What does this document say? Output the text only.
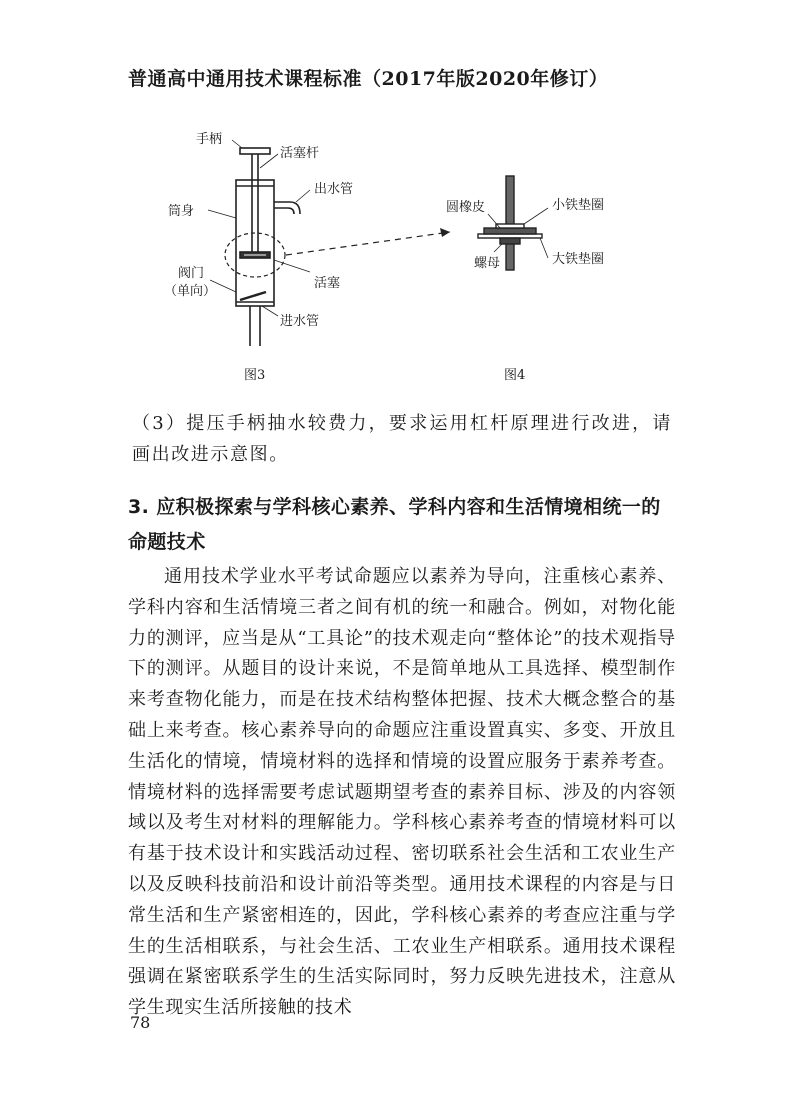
普通高中通用技术课程标准（2017年版2020年修订）
手柄
活塞杆
出水管
筒身
阀门
（单向）
活塞
进水管
圆橡皮	小铁垫圈
大铁垫圈
螺母
图3	图4

（3）提压手柄抽水较费力，要求运用杠杆原理进行改进，请画出改进示意图。

3. 应积极探索与学科核心素养、学科内容和生活情境相统一的命题技术
通用技术学业水平考试命题应以素养为导向，注重核心素养、学科内容和生活情境三者之间有机的统一和融合。例如，对物化能力的测评，应当是从“工具论”的技术观走向“整体论”的技术观指导下的测评。从题目的设计来说，不是简单地从工具选择、模型制作来考查物化能力，而是在技术结构整体把握、技术大概念整合的基础上来考查。核心素养导向的命题应注重设置真实、多变、开放且生活化的情境，情境材料的选择和情境的设置应服务于素养考查。情境材料的选择需要考虑试题期望考查的素养目标、涉及的内容领域以及考生对材料的理解能力。学科核心素养考查的情境材料可以有基于技术设计和实践活动过程、密切联系社会生活和工农业生产以及反映科技前沿和设计前沿等类型。通用技术课程的内容是与日常生活和生产紧密相连的，因此，学科核心素养的考查应注重与学生的生活相联系，与社会生活、工农业生产相联系。通用技术课程强调在紧密联系学生的生活实际同时，努力反映先进技术，注意从学生现实生活所接触的技术
78
